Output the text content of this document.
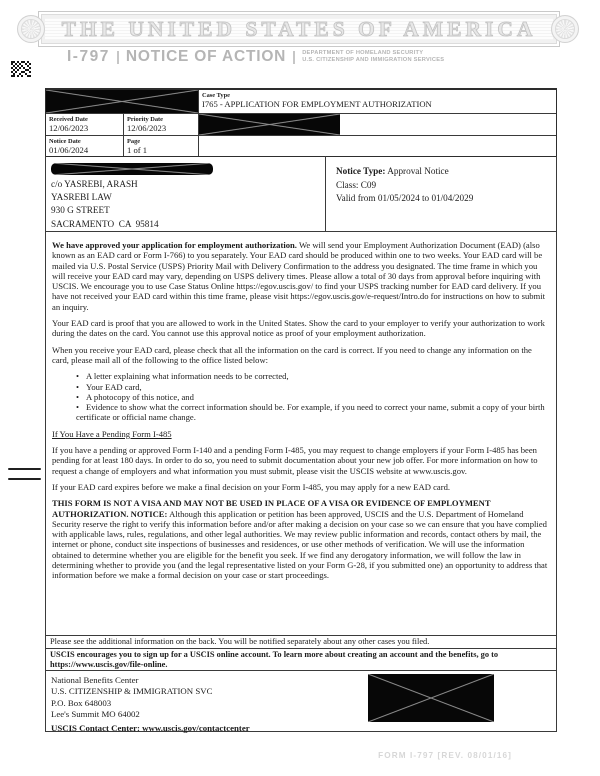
THE UNITED STATES OF AMERICA
I-797 NOTICE OF ACTION	DEPARTMENT OF HOMELAND SECURITY
U.S. CITIZENSHIP AND IMMIGRATION SERVICES
Case Type
I765 - APPLICATION FOR EMPLOYMENT AUTHORIZATION
Received Date
12/06/2023
Priority Date
12/06/2023
Notice Date
01/06/2024
Page
1 of 1
c/o YASREBI, ARASH
YASREBI LAW
930 G STREET
SACRAMENTO  CA  95814
Notice Type: Approval Notice
Class: C09
Valid from 01/05/2024 to 01/04/2029

We have approved your application for employment authorization. We will send your Employment Authorization Document (EAD) (also known as an EAD card or Form I-766) to you separately. Your EAD card should be produced within one to two weeks. Your EAD card will be mailed via U.S. Postal Service (USPS) Priority Mail with Delivery Confirmation to the address you designated. The time frame in which you will receive your EAD card may vary, depending on USPS delivery times. Please allow a total of 30 days from approval before inquiring with USCIS. We encourage you to use Case Status Online https://egov.uscis.gov/ to find your USPS tracking number for EAD card delivery. If you have not received your EAD card within this time frame, please visit https://egov.uscis.gov/e-request/Intro.do for instructions on how to submit an inquiry.

Your EAD card is proof that you are allowed to work in the United States. Show the card to your employer to verify your authorization to work during the dates on the card. You cannot use this approval notice as proof of your employment authorization.

When you receive your EAD card, please check that all the information on the card is correct. If you need to change any information on the card, please mail all of the following to the office listed below:

• A letter explaining what information needs to be corrected,
• Your EAD card,
• A photocopy of this notice, and
• Evidence to show what the correct information should be. For example, if you need to correct your name, submit a copy of your birth certificate or official name change.
If You Have a Pending Form I-485

If you have a pending or approved Form I-140 and a pending Form I-485, you may request to change employers if your Form I-485 has been pending for at least 180 days. In order to do so, you need to submit documentation about your new job offer. For more information on how to request a change of employers and what information you must submit, please visit the USCIS website at www.uscis.gov.

If your EAD card expires before we make a final decision on your Form I-485, you may apply for a new EAD card.

THIS FORM IS NOT A VISA AND MAY NOT BE USED IN PLACE OF A VISA OR EVIDENCE OF EMPLOYMENT AUTHORIZATION. NOTICE: Although this application or petition has been approved, USCIS and the U.S. Department of Homeland Security reserve the right to verify this information before and/or after making a decision on your case so we can ensure that you have complied with applicable laws, rules, regulations, and other legal authorities. We may review public information and records, contact others by mail, the internet or phone, conduct site inspections of businesses and residences, or use other methods of verification. We will use the information obtained to determine whether you are eligible for the benefit you seek. If we find any derogatory information, we will follow the law in determining whether to provide you (and the legal representative listed on your Form G-28, if you submitted one) an opportunity to address that information before we make a formal decision on your case or start proceedings.

Please see the additional information on the back. You will be notified separately about any other cases you filed.
USCIS encourages you to sign up for a USCIS online account. To learn more about creating an account and the benefits, go to https://www.uscis.gov/file-online.
National Benefits Center
U.S. CITIZENSHIP & IMMIGRATION SVC
P.O. Box 648003
Lee's Summit MO 64002
USCIS Contact Center: www.uscis.gov/contactcenter
FORM I-797 [REV. 08/01/16]
